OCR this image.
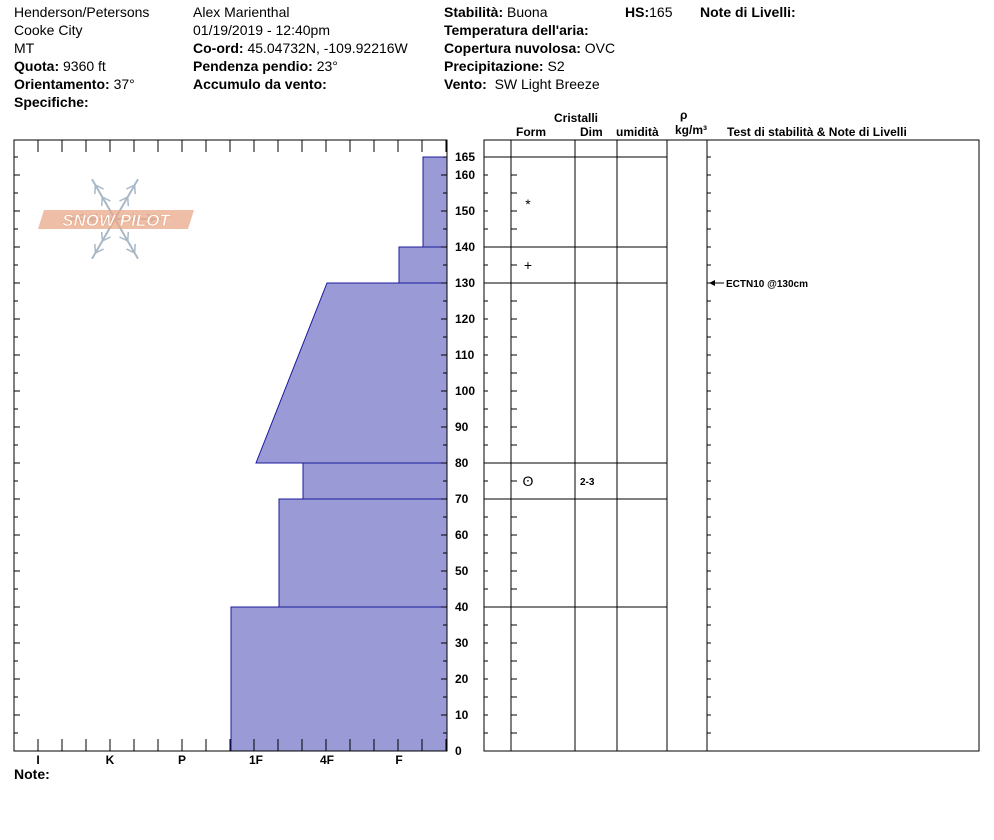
Henderson/Petersons
Cooke City
MT
Quota: 9360 ft
Orientamento: 37°
Specifiche:
Alex Marienthal
01/19/2019 - 12:40pm
Co-ord: 45.04732N, -109.92216W
Pendenza pendio: 23°
Accumulo da vento:
Stabilità: Buona	HS:165 Note di Livelli:
Temperatura dell'aria:
Copertura nuvolosa: OVC
Precipitazione: S2
Vento: SW Light Breeze
Cristalli
Form	Dim umidità
ρ
kg/m³ Test di stabilità & Note di Livelli
Note:
SNOW PILOT
0
10
20
30
40
50
60
70
80
90
100
110
120
130
140
150
160
165
I	K	P	1F	4F	F
*
+
ʘ	2-3
ECTN10 @130cm
